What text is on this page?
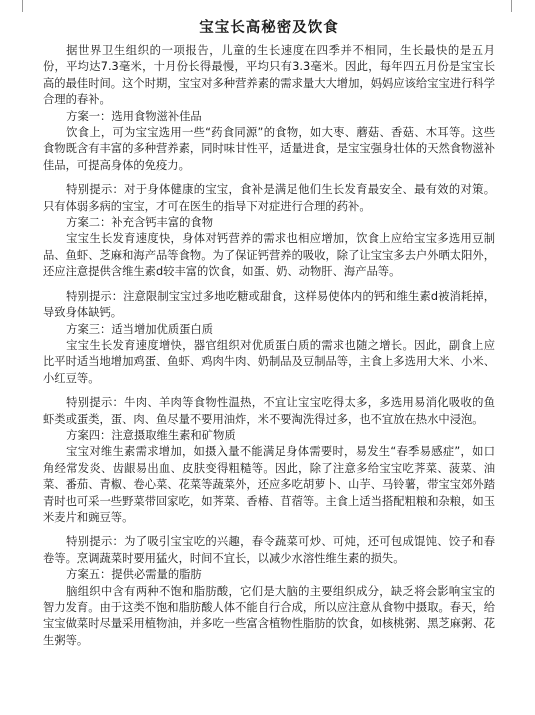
宝宝长高秘密及饮食

据世界卫生组织的一项报告，儿童的生长速度在四季并不相同，生长最快的是五月份，平均达7.3毫米，十月份长得最慢，平均只有3.3毫米。因此，每年四五月份是宝宝长高的最佳时间。这个时期，宝宝对多种营养素的需求量大大增加，妈妈应该给宝宝进行科学合理的春补。

方案一：选用食物滋补佳品

饮食上，可为宝宝选用一些“药食同源”的食物，如大枣、蘑菇、香菇、木耳等。这些食物既含有丰富的多种营养素，同时味甘性平，适量进食，是宝宝强身壮体的天然食物滋补佳品，可提高身体的免疫力。

特别提示：对于身体健康的宝宝，食补是满足他们生长发育最安全、最有效的对策。只有体弱多病的宝宝，才可在医生的指导下对症进行合理的药补。

方案二：补充含钙丰富的食物

宝宝生长发育速度快，身体对钙营养的需求也相应增加，饮食上应给宝宝多选用豆制品、鱼虾、芝麻和海产品等食物。为了保证钙营养的吸收，除了让宝宝多去户外晒太阳外，还应注意提供含维生素d较丰富的饮食，如蛋、奶、动物肝、海产品等。

特别提示：注意限制宝宝过多地吃糖或甜食，这样易使体内的钙和维生素d被消耗掉，导致身体缺钙。

方案三：适当增加优质蛋白质

宝宝生长发育速度增快，器官组织对优质蛋白质的需求也随之增长。因此，副食上应比平时适当地增加鸡蛋、鱼虾、鸡肉牛肉、奶制品及豆制品等，主食上多选用大米、小米、小红豆等。

特别提示：牛肉、羊肉等食物性温热，不宜让宝宝吃得太多，多选用易消化吸收的鱼虾类或蛋类，蛋、肉、鱼尽量不要用油炸，米不要淘洗得过多，也不宜放在热水中浸泡。

方案四：注意摄取维生素和矿物质

宝宝对维生素需求增加，如摄入量不能满足身体需要时，易发生“春季易感症”，如口角经常发炎、齿龈易出血、皮肤变得粗糙等。因此，除了注意多给宝宝吃荠菜、菠菜、油菜、番茄、青椒、卷心菜、花菜等蔬菜外，还应多吃胡萝卜、山芋、马铃薯，带宝宝郊外踏青时也可采一些野菜带回家吃，如荠菜、香椿、苜蓿等。主食上适当搭配粗粮和杂粮，如玉米麦片和豌豆等。

特别提示：为了吸引宝宝吃的兴趣，春令蔬菜可炒、可炖，还可包成馄饨、饺子和春卷等。烹调蔬菜时要用猛火，时间不宜长，以减少水溶性维生素的损失。

方案五：提供必需量的脂肪

脑组织中含有两种不饱和脂肪酸，它们是大脑的主要组织成分，缺乏将会影响宝宝的智力发育。由于这类不饱和脂肪酸人体不能自行合成，所以应注意从食物中摄取。春天，给宝宝做菜时尽量采用植物油，并多吃一些富含植物性脂肪的饮食，如核桃粥、黑芝麻粥、花生粥等。
